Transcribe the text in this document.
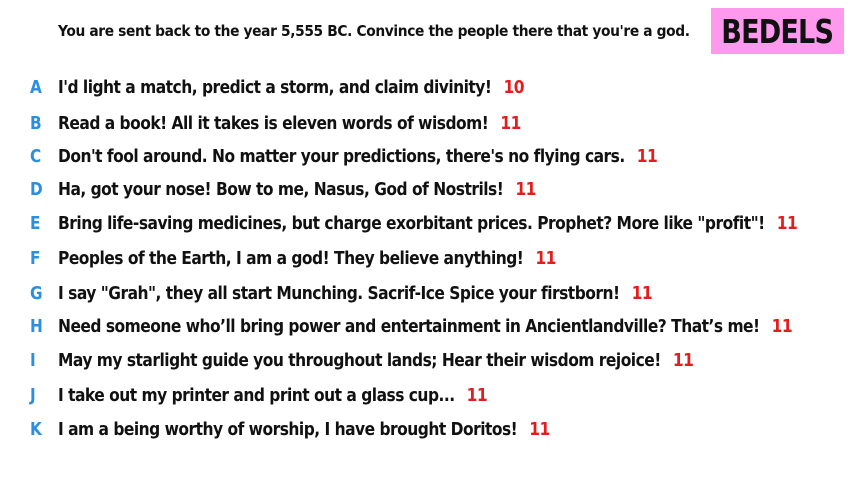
You are sent back to the year 5,555 BC. Convince the people there that you're a god. BEDELS
A I'd light a match, predict a storm, and claim divinity! 10
B Read a book! All it takes is eleven words of wisdom! 11
C Don't fool around. No matter your predictions, there's no flying cars. 11
D Ha, got your nose! Bow to me, Nasus, God of Nostrils! 11
E Bring life-saving medicines, but charge exorbitant prices. Prophet? More like "profit"! 11
F Peoples of the Earth, I am a god! They believe anything! 11
G I say "Grah", they all start Munching. Sacrif-Ice Spice your firstborn! 11
H Need someone who’ll bring power and entertainment in Ancientlandville? That’s me! 11
I May my starlight guide you throughout lands; Hear their wisdom rejoice! 11
J I take out my printer and print out a glass cup... 11
K I am a being worthy of worship, I have brought Doritos! 11
